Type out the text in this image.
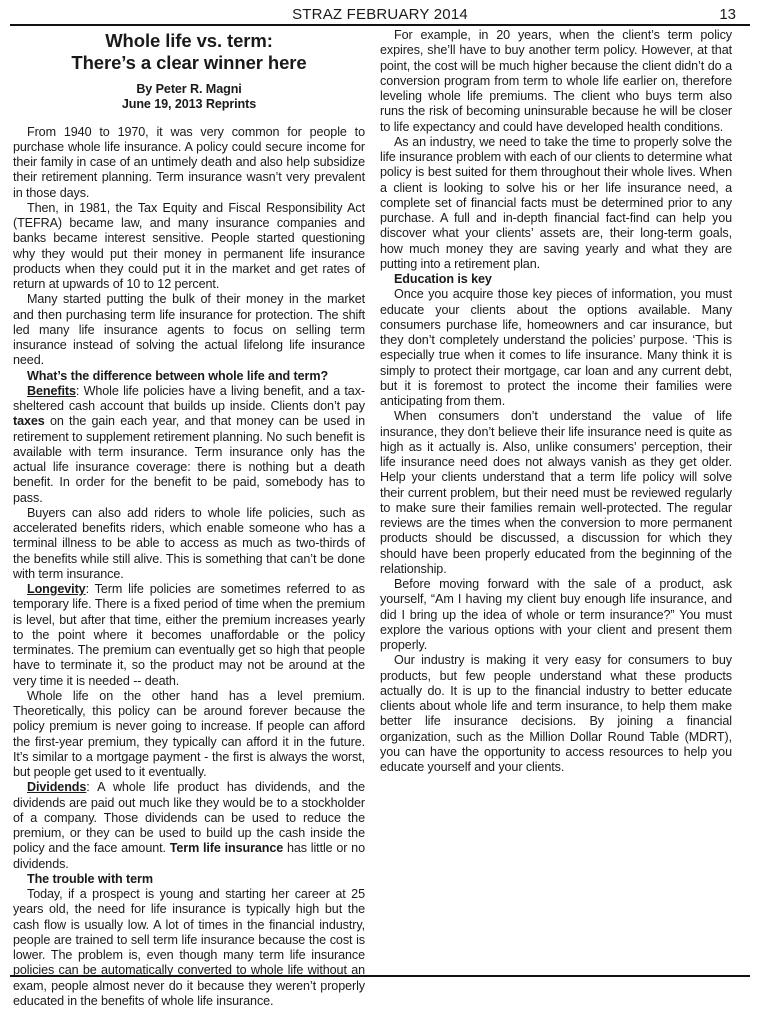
STRAZ FEBRUARY 2014	13
Whole life vs. term:
There’s a clear winner here
By Peter R. Magni
June 19, 2013 Reprints

From 1940 to 1970, it was very common for people to purchase whole life insurance. A policy could secure income for their family in case of an untimely death and also help subsidize their retirement planning. Term insurance wasn’t very prevalent in those days.

Then, in 1981, the Tax Equity and Fiscal Responsibility Act (TEFRA) became law, and many insurance companies and banks became interest sensitive. People started questioning why they would put their money in permanent life insurance products when they could put it in the market and get rates of return at upwards of 10 to 12 percent.

Many started putting the bulk of their money in the market and then purchasing term life insurance for protection. The shift led many life insurance agents to focus on selling term insurance instead of solving the actual lifelong life insurance need.

What’s the difference between whole life and term?

Benefits: Whole life policies have a living benefit, and a tax-sheltered cash account that builds up inside. Clients don’t pay taxes on the gain each year, and that money can be used in retirement to supplement retirement planning. No such benefit is available with term insurance. Term insurance only has the actual life insurance coverage: there is nothing but a death benefit. In order for the benefit to be paid, somebody has to pass.

Buyers can also add riders to whole life policies, such as accelerated benefits riders, which enable someone who has a terminal illness to be able to access as much as two-thirds of the benefits while still alive. This is something that can’t be done with term insurance.

Longevity: Term life policies are sometimes referred to as temporary life. There is a fixed period of time when the premium is level, but after that time, either the premium increases yearly to the point where it becomes unaffordable or the policy terminates. The premium can eventually get so high that people have to terminate it, so the product may not be around at the very time it is needed -- death.

Whole life on the other hand has a level premium. Theoretically, this policy can be around forever because the policy premium is never going to increase. If people can afford the first-year premium, they typically can afford it in the future. It’s similar to a mortgage payment - the first is always the worst, but people get used to it eventually.

Dividends: A whole life product has dividends, and the dividends are paid out much like they would be to a stockholder of a company. Those dividends can be used to reduce the premium, or they can be used to build up the cash inside the policy and the face amount. Term life insurance has little or no dividends.

The trouble with term

Today, if a prospect is young and starting her career at 25 years old, the need for life insurance is typically high but the cash flow is usually low. A lot of times in the financial industry, people are trained to sell term life insurance because the cost is lower. The problem is, even though many term life insurance policies can be automatically converted to whole life without an exam, people almost never do it because they weren’t properly educated in the benefits of whole life insurance.

For example, in 20 years, when the client’s term policy expires, she’ll have to buy another term policy. However, at that point, the cost will be much higher because the client didn’t do a conversion program from term to whole life earlier on, therefore leveling whole life premiums. The client who buys term also runs the risk of becoming uninsurable because he will be closer to life expectancy and could have developed health conditions.

As an industry, we need to take the time to properly solve the life insurance problem with each of our clients to determine what policy is best suited for them throughout their whole lives. When a client is looking to solve his or her life insurance need, a complete set of financial facts must be determined prior to any purchase. A full and in-depth financial fact-find can help you discover what your clients’ assets are, their long-term goals, how much money they are saving yearly and what they are putting into a retirement plan.

Education is key

Once you acquire those key pieces of information, you must educate your clients about the options available. Many consumers purchase life, homeowners and car insurance, but they don’t completely understand the policies’ purpose. ‘This is especially true when it comes to life insurance. Many think it is simply to protect their mortgage, car loan and any current debt, but it is foremost to protect the income their families were anticipating from them.

When consumers don’t understand the value of life insurance, they don’t believe their life insurance need is quite as high as it actually is. Also, unlike consumers’ perception, their life insurance need does not always vanish as they get older. Help your clients understand that a term life policy will solve their current problem, but their need must be reviewed regularly to make sure their families remain well-protected. The regular reviews are the times when the conversion to more permanent products should be discussed, a discussion for which they should have been properly educated from the beginning of the relationship.

Before moving forward with the sale of a product, ask yourself, “Am I having my client buy enough life insurance, and did I bring up the idea of whole or term insurance?” You must explore the various options with your client and present them properly.

Our industry is making it very easy for consumers to buy products, but few people understand what these products actually do. It is up to the financial industry to better educate clients about whole life and term insurance, to help them make better life insurance decisions. By joining a financial organization, such as the Million Dollar Round Table (MDRT), you can have the opportunity to access resources to help you educate yourself and your clients.
